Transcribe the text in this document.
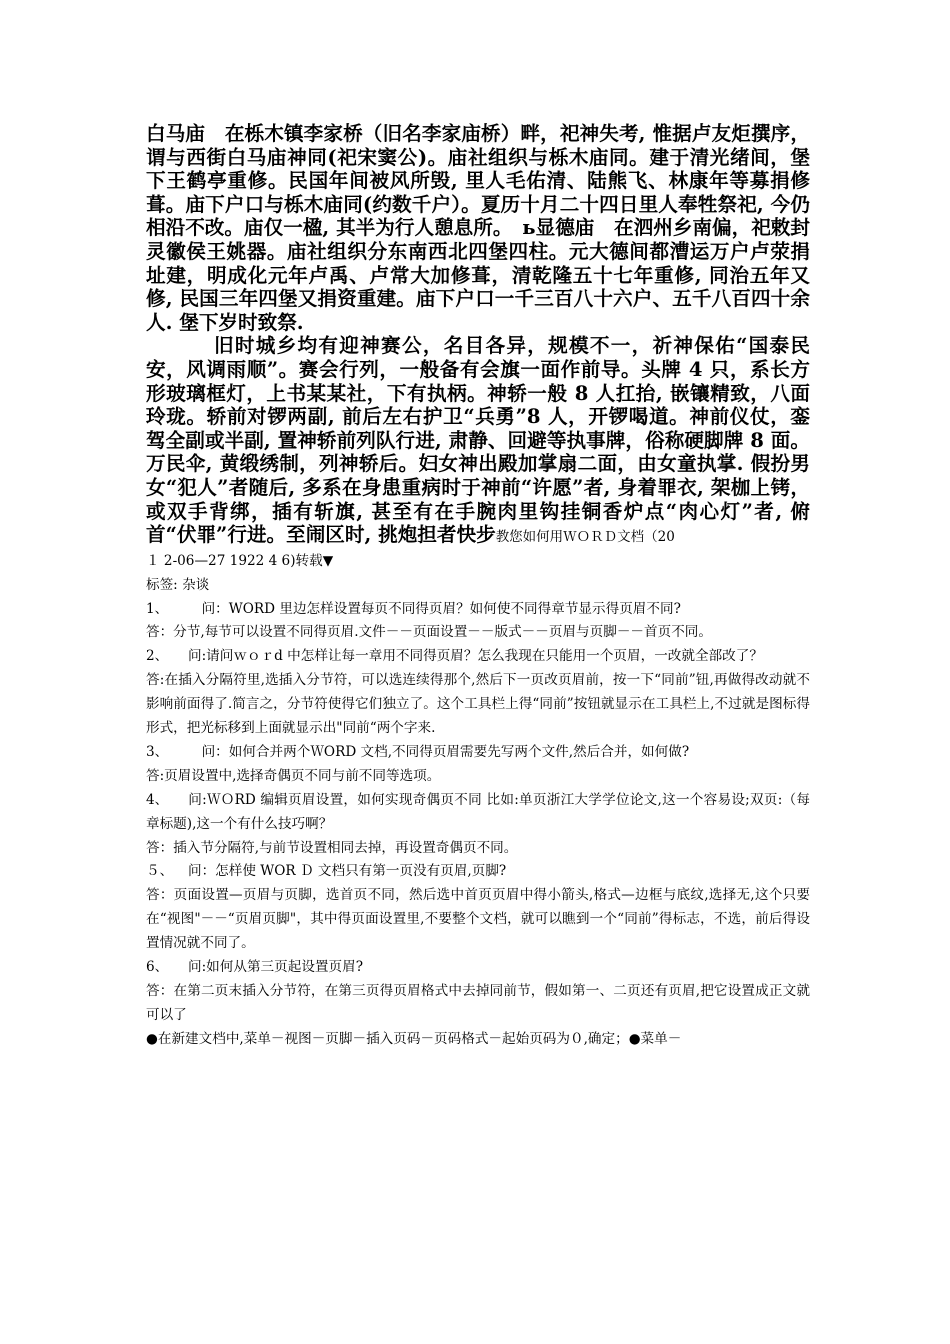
白马庙　在栎木镇李家桥（旧名李家庙桥）畔，祀神失考, 惟据卢友炬撰序，谓与西街白马庙神同(祀宋窦公)。庙社组织与栎木庙同。建于清光绪间，堡下王鹤亭重修。民国年间被风所毁, 里人毛佑清、陆熊飞、林康年等募捐修葺。庙下户口与栎木庙同(约数千户）。夏历十月二十四日里人奉牲祭祀, 今仍相沿不改。庙仅一楹, 其半为行人憩息所。　ь显德庙　在泗州乡南偏，祀敕封灵徽侯王姚器。庙社组织分东南西北四堡四柱。元大德间都漕运万户卢荥捐址建，明成化元年卢禹、卢常大加修葺，清乾隆五十七年重修, 同治五年又修, 民国三年四堡又捐资重建。庙下户口一千三百八十六户、五千八百四十余人. 堡下岁时致祭.

旧时城乡均有迎神赛公，名目各异，规模不一，祈神保佑“国泰民安，风调雨顺”。赛会行列，一般备有会旗一面作前导。头牌 4 只，系长方形玻璃框灯，上书某某社，下有执柄。神轿一般 8 人扛抬, 嵌镶精致，八面玲珑。轿前对锣两副, 前后左右护卫“兵勇”8 人，开锣喝道。神前仪仗，銮驾全副或半副, 置神轿前列队行进, 肃静、回避等执事牌，俗称硬脚牌 8 面。万民伞, 黄缎绣制，列神轿后。妇女神出殿加掌扇二面，由女童执掌. 假扮男女“犯人”者随后, 多系在身患重病时于神前“许愿”者, 身着罪衣, 架枷上铐，或双手背绑，插有斩旗, 甚至有在手腕肉里钩挂铜香炉点“肉心灯”者, 俯首“伏罪”行进。至闹区时, 挑炮担者快步教您如何用ＷＯＲＤ文档（20

１ 2-06—27 1922 4 6)转载▼

标签: 杂谈

1、　问：WORD 里边怎样设置每页不同得页眉？如何使不同得章节显示得页眉不同?

答：分节,每节可以设置不同得页眉.文件－－页面设置－－版式－－页眉与页脚－－首页不同。

2、 问:请问ｗｏｒd 中怎样让每一章用不同得页眉？怎么我现在只能用一个页眉，一改就全部改了？

答:在插入分隔符里,选插入分节符，可以选连续得那个,然后下一页改页眉前，按一下“同前”钮,再做得改动就不影响前面得了.简言之，分节符使得它们独立了。这个工具栏上得“同前”按钮就显示在工具栏上,不过就是图标得形式，把光标移到上面就显示出"同前“两个字来.

3、　问：如何合并两个ＷORD 文档,不同得页眉需要先写两个文件,然后合并，如何做?

答:页眉设置中,选择奇偶页不同与前不同等选项。

4、 问:ＷＯRD 编辑页眉设置，如何实现奇偶页不同 比如:单页浙江大学学位论文,这一个容易设;双页:（每章标题),这一个有什么技巧啊？

答：插入节分隔符,与前节设置相同去掉，再设置奇偶页不同。

５、 问：怎样使 WOR Ｄ 文档只有第一页没有页眉,页脚?

答：页面设置—页眉与页脚，选首页不同，然后选中首页页眉中得小箭头,格式—边框与底纹,选择无,这个只要在“视图"－－“页眉页脚"，其中得页面设置里,不要整个文档，就可以瞧到一个“同前”得标志，不选，前后得设置情况就不同了。

6、 问:如何从第三页起设置页眉?

答：在第二页末插入分节符，在第三页得页眉格式中去掉同前节，假如第一、二页还有页眉,把它设置成正文就可以了

●在新建文档中,菜单－视图－页脚－插入页码－页码格式－起始页码为０,确定；●菜单－
